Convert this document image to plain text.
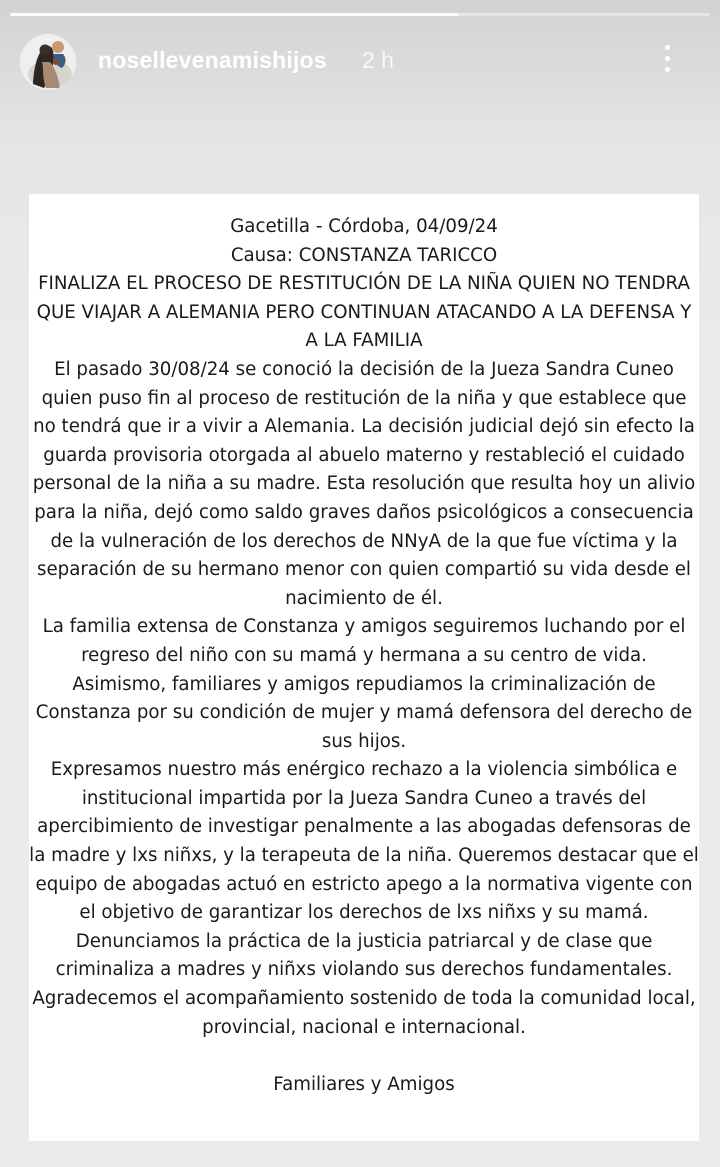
nosellevenamishijos 2 h
Gacetilla - Córdoba, 04/09/24
Causa: CONSTANZA TARICCO
FINALIZA EL PROCESO DE RESTITUCIÓN DE LA NIÑA QUIEN NO TENDRA QUE VIAJAR A ALEMANIA PERO CONTINUAN ATACANDO A LA DEFENSA Y A LA FAMILIA
El pasado 30/08/24 se conoció la decisión de la Jueza Sandra Cuneo quien puso fin al proceso de restitución de la niña y que establece que no tendrá que ir a vivir a Alemania. La decisión judicial dejó sin efecto la guarda provisoria otorgada al abuelo materno y restableció el cuidado personal de la niña a su madre. Esta resolución que resulta hoy un alivio para la niña, dejó como saldo graves daños psicológicos a consecuencia de la vulneración de los derechos de NNyA de la que fue víctima y la separación de su hermano menor con quien compartió su vida desde el nacimiento de él.
La familia extensa de Constanza y amigos seguiremos luchando por el regreso del niño con su mamá y hermana a su centro de vida.
Asimismo, familiares y amigos repudiamos la criminalización de Constanza por su condición de mujer y mamá defensora del derecho de sus hijos.
Expresamos nuestro más enérgico rechazo a la violencia simbólica e institucional impartida por la Jueza Sandra Cuneo a través del apercibimiento de investigar penalmente a las abogadas defensoras de la madre y lxs niñxs, y la terapeuta de la niña. Queremos destacar que el equipo de abogadas actuó en estricto apego a la normativa vigente con el objetivo de garantizar los derechos de lxs niñxs y su mamá.
Denunciamos la práctica de la justicia patriarcal y de clase que criminaliza a madres y niñxs violando sus derechos fundamentales.
Agradecemos el acompañamiento sostenido de toda la comunidad local, provincial, nacional e internacional.
Familiares y Amigos
